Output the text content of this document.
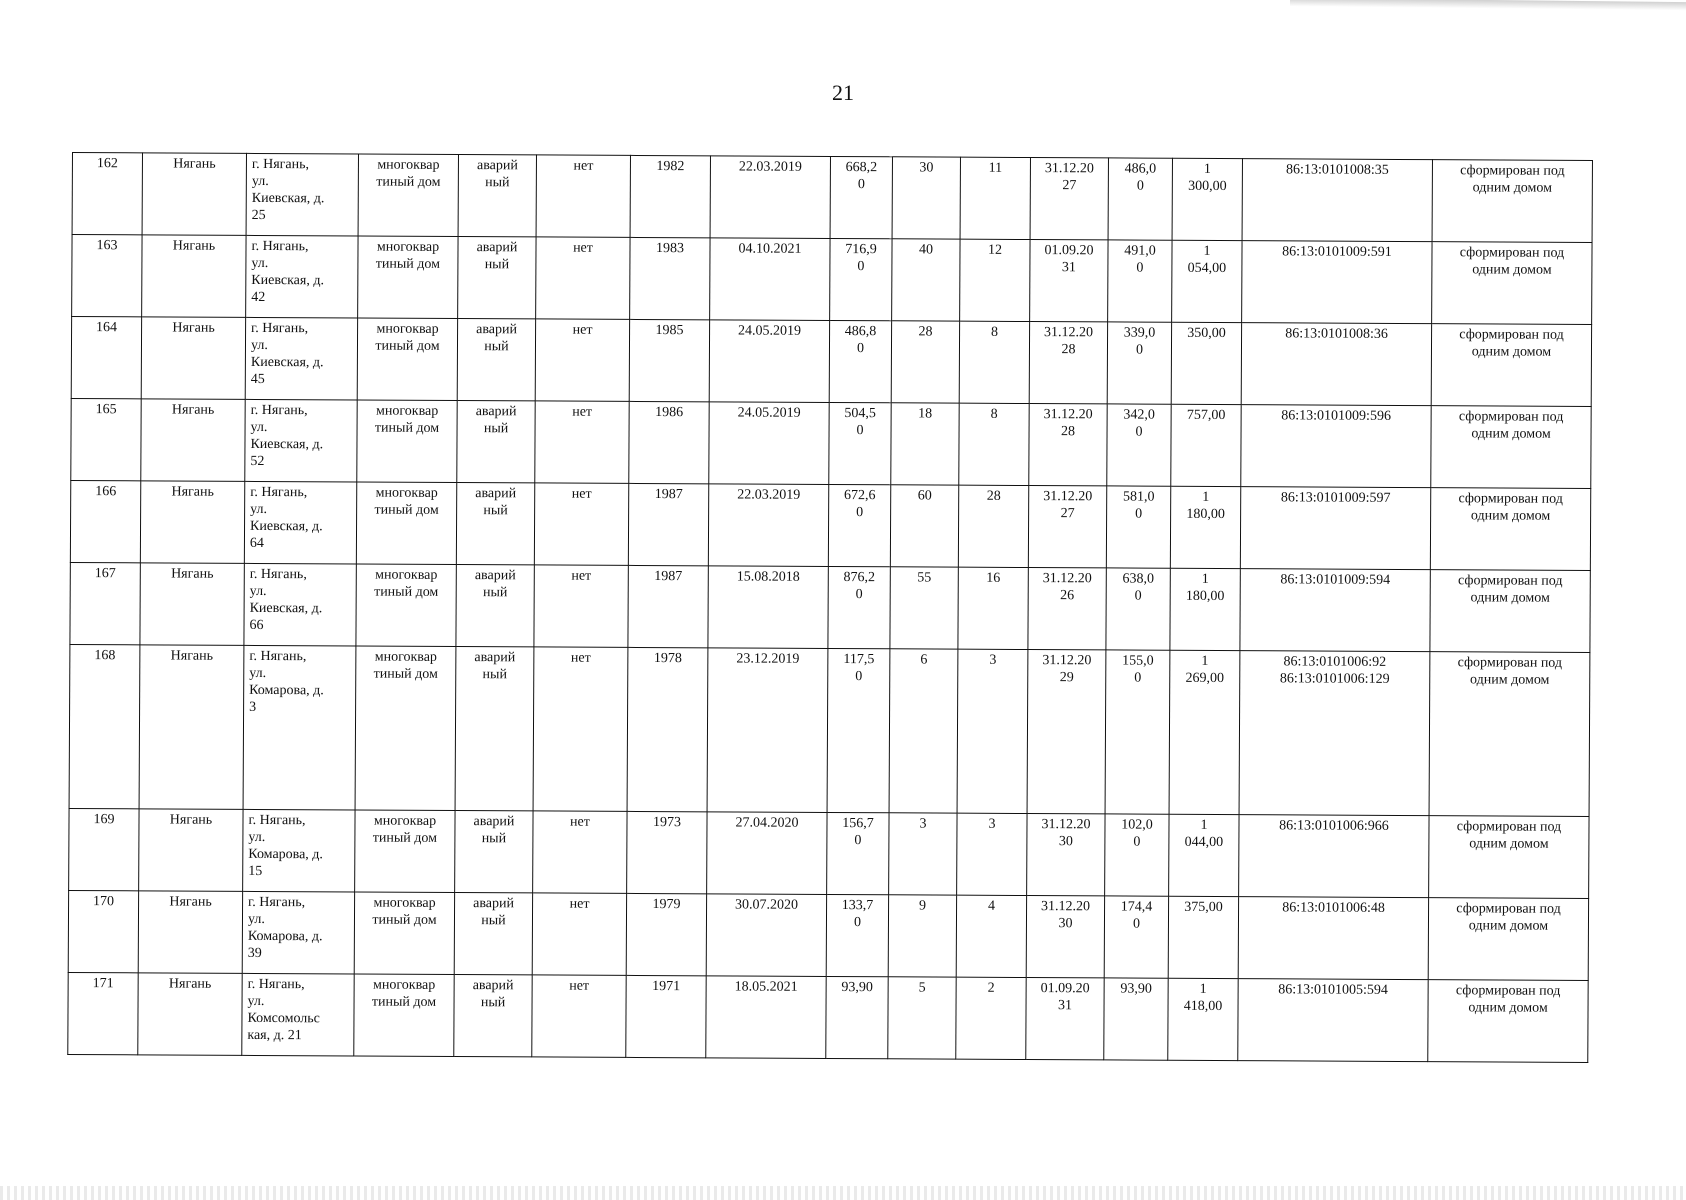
21
162	Нягань	г. Нягань,
ул.
Киевская, д.
25	многоквар
тиный дом	аварий
ный	нет	1982	22.03.2019	668,2
0	30	11	31.12.20
27	486,0
0	1
300,00	86:13:0101008:35	сформирован под
одним домом

163	Нягань	г. Нягань,
ул.
Киевская, д.
42	многоквар
тиный дом	аварий
ный	нет	1983	04.10.2021	716,9
0	40	12	01.09.20
31	491,0
0	1
054,00	86:13:0101009:591	сформирован под
одним домом

164	Нягань	г. Нягань,
ул.
Киевская, д.
45	многоквар
тиный дом	аварий
ный	нет	1985	24.05.2019	486,8
0	28	8	31.12.20
28	339,0
0	350,00	86:13:0101008:36	сформирован под
одним домом

165	Нягань	г. Нягань,
ул.
Киевская, д.
52	многоквар
тиный дом	аварий
ный	нет	1986	24.05.2019	504,5
0	18	8	31.12.20
28	342,0
0	757,00	86:13:0101009:596	сформирован под
одним домом

166	Нягань	г. Нягань,
ул.
Киевская, д.
64	многоквар
тиный дом	аварий
ный	нет	1987	22.03.2019	672,6
0	60	28	31.12.20
27	581,0
0	1
180,00	86:13:0101009:597	сформирован под
одним домом

167	Нягань	г. Нягань,
ул.
Киевская, д.
66	многоквар
тиный дом	аварий
ный	нет	1987	15.08.2018	876,2
0	55	16	31.12.20
26	638,0
0	1
180,00	86:13:0101009:594	сформирован под
одним домом

168	Нягань	г. Нягань,
ул.
Комарова, д.
3	многоквар
тиный дом	аварий
ный	нет	1978	23.12.2019	117,5
0	6	3	31.12.20
29	155,0
0	1
269,00	86:13:0101006:92
86:13:0101006:129	сформирован под
одним домом

169	Нягань	г. Нягань,
ул.
Комарова, д.
15	многоквар
тиный дом	аварий
ный	нет	1973	27.04.2020	156,7
0	3	3	31.12.20
30	102,0
0	1
044,00	86:13:0101006:966	сформирован под
одним домом

170	Нягань	г. Нягань,
ул.
Комарова, д.
39	многоквар
тиный дом	аварий
ный	нет	1979	30.07.2020	133,7
0	9	4	31.12.20
30	174,4
0	375,00	86:13:0101006:48	сформирован под
одним домом

171	Нягань	г. Нягань,
ул.
Комсомольс
кая, д. 21	многоквар
тиный дом	аварий
ный	нет	1971	18.05.2021	93,90	5	2	01.09.20
31	93,90	1
418,00	86:13:0101005:594	сформирован под
одним домом
